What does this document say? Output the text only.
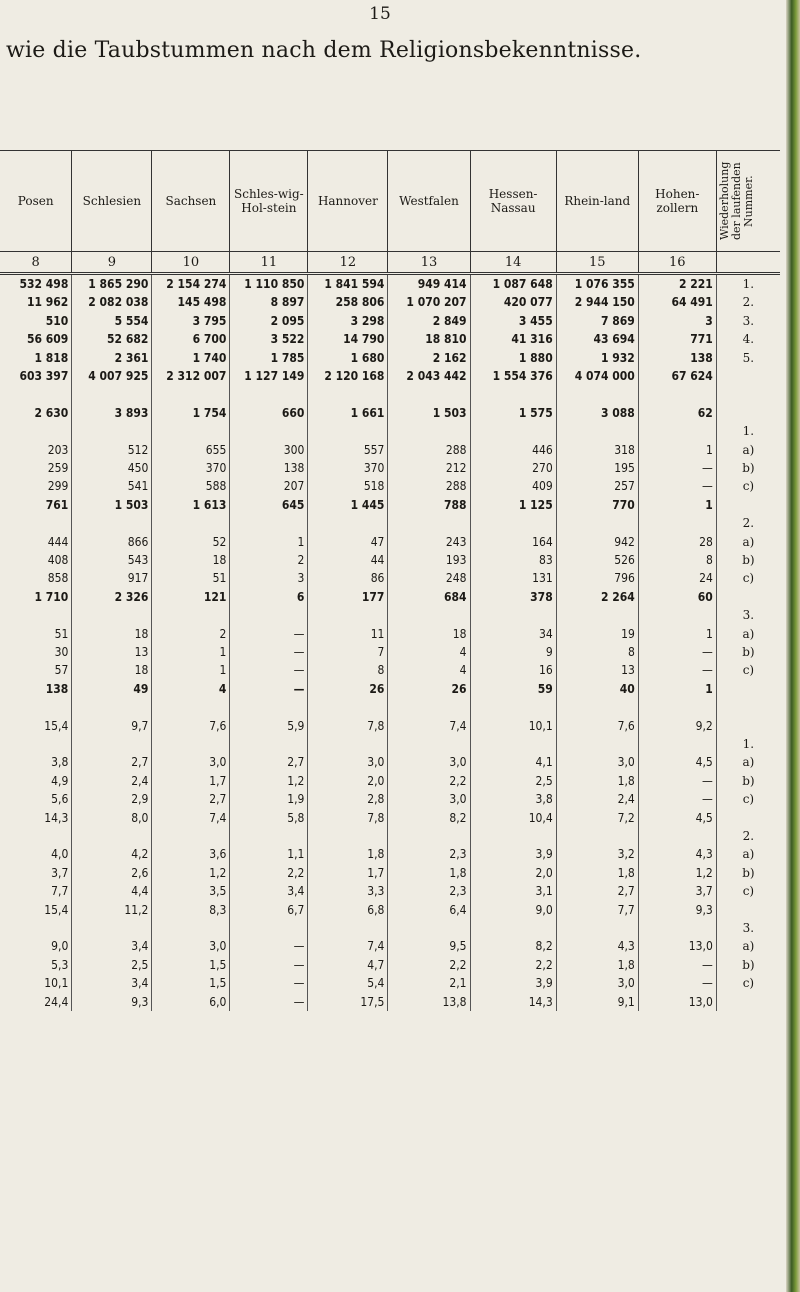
15
wie die Taubstummen nach dem Religionsbekenntnisse.
Posen	Schlesien	Sachsen	Schles-wig-Hol-stein	Hannover	Westfalen	Hessen-Nassau	Rhein-land	Hohen-zollern	Wiederholung der laufenden Nummer.

8	9	10	11	12	13	14	15	16	
532 498	1 865 290	2 154 274	1 110 850	1 841 594	949 414	1 087 648	1 076 355	2 221	1.
11 962	2 082 038	145 498	8 897	258 806	1 070 207	420 077	2 944 150	64 491	2.
510	5 554	3 795	2 095	3 298	2 849	3 455	7 869	3	3.
56 609	52 682	6 700	3 522	14 790	18 810	41 316	43 694	771	4.
1 818	2 361	1 740	1 785	1 680	2 162	1 880	1 932	138	5.
603 397	4 007 925	2 312 007	1 127 149	2 120 168	2 043 442	1 554 376	4 074 000	67 624	

2 630	3 893	1 754	660	1 661	1 503	1 575	3 088	62	
									1.
203	512	655	300	557	288	446	318	1	a)
259	450	370	138	370	212	270	195	—	b)
299	541	588	207	518	288	409	257	—	c)
761	1 503	1 613	645	1 445	788	1 125	770	1	
									2.
444	866	52	1	47	243	164	942	28	a)
408	543	18	2	44	193	83	526	8	b)
858	917	51	3	86	248	131	796	24	c)
1 710	2 326	121	6	177	684	378	2 264	60	
									3.
51	18	2	—	11	18	34	19	1	a)
30	13	1	—	7	4	9	8	—	b)
57	18	1	—	8	4	16	13	—	c)
138	49	4	—	26	26	59	40	1	

15,4	9,7	7,6	5,9	7,8	7,4	10,1	7,6	9,2	
									1.
3,8	2,7	3,0	2,7	3,0	3,0	4,1	3,0	4,5	a)
4,9	2,4	1,7	1,2	2,0	2,2	2,5	1,8	—	b)
5,6	2,9	2,7	1,9	2,8	3,0	3,8	2,4	—	c)
14,3	8,0	7,4	5,8	7,8	8,2	10,4	7,2	4,5	
									2.
4,0	4,2	3,6	1,1	1,8	2,3	3,9	3,2	4,3	a)
3,7	2,6	1,2	2,2	1,7	1,8	2,0	1,8	1,2	b)
7,7	4,4	3,5	3,4	3,3	2,3	3,1	2,7	3,7	c)
15,4	11,2	8,3	6,7	6,8	6,4	9,0	7,7	9,3	
									3.
9,0	3,4	3,0	—	7,4	9,5	8,2	4,3	13,0	a)
5,3	2,5	1,5	—	4,7	2,2	2,2	1,8	—	b)
10,1	3,4	1,5	—	5,4	2,1	3,9	3,0	—	c)
24,4	9,3	6,0	—	17,5	13,8	14,3	9,1	13,0	
